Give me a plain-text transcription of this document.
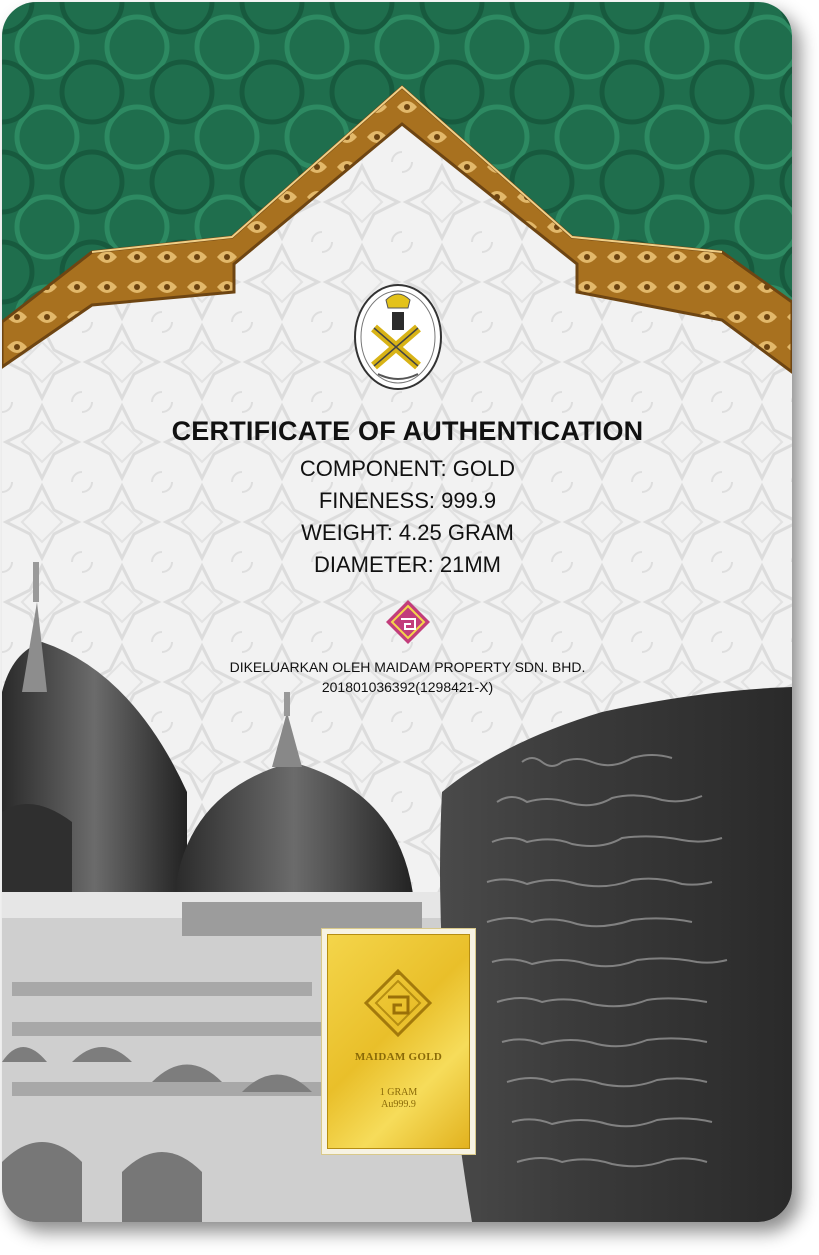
CERTIFICATE OF AUTHENTICATION
COMPONENT: GOLD
FINENESS: 999.9
WEIGHT: 4.25 GRAM
DIAMETER: 21MM
DIKELUARKAN OLEH MAIDAM PROPERTY SDN. BHD.
201801036392(1298421-X)
MAIDAM GOLD
1 GRAM
Au999.9
